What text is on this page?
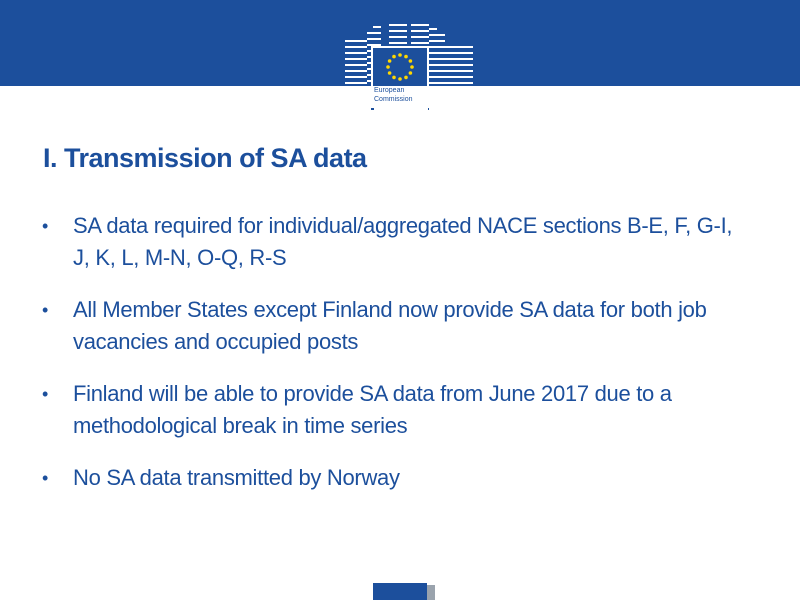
European
Commission
I. Transmission of SA data
• SA data required for individual/aggregated NACE sections B-E, F, G-I, J, K, L, M-N, O-Q, R-S
• All Member States except Finland now provide SA data for both job vacancies and occupied posts
• Finland will be able to provide SA data from June 2017 due to a methodological break in time series
• No SA data transmitted by Norway
